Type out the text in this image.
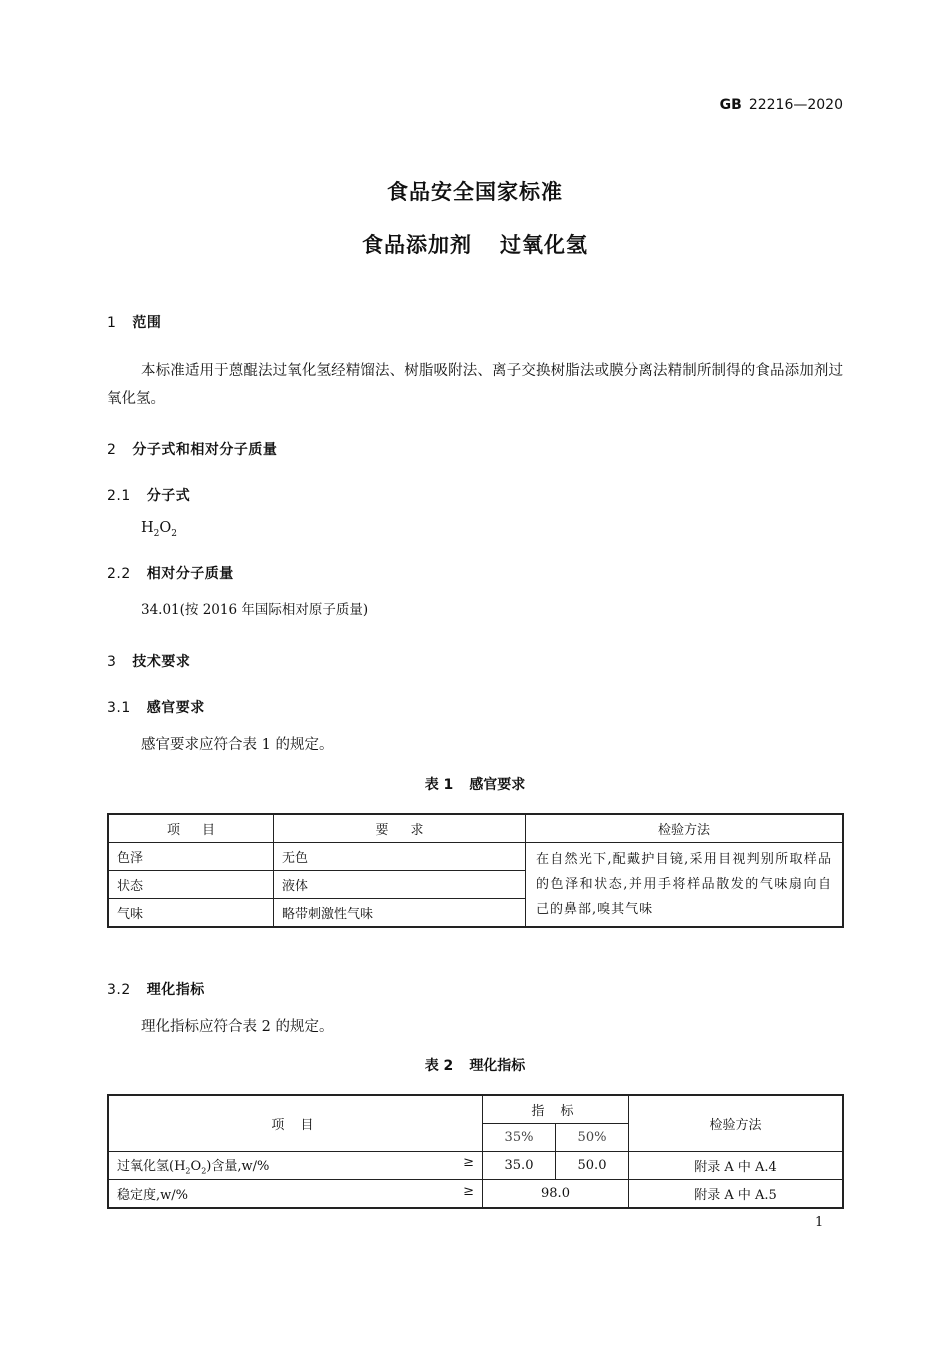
GB 22216—2020
食品安全国家标准
食品添加剂 过氧化氢
1 范围
本标准适用于蒽醌法过氧化氢经精馏法、树脂吸附法、离子交换树脂法或膜分离法精制所制得的食品添加剂过氧化氢。
2 分子式和相对分子质量
2.1 分子式
$H_2O_2$
2.2 相对分子质量
34.01(按 2016 年国际相对原子质量)
3 技术要求
3.1 感官要求
感官要求应符合表 1 的规定。
表 1 感官要求
项目	要求	检验方法
色泽	无色	在自然光下,配戴护目镜,采用目视判别所取样品的色泽和状态,并用手将样品散发的气味扇向自己的鼻部,嗅其气味
状态	液体	
气味	略带刺激性气味	
3.2 理化指标
理化指标应符合表 2 的规定。
表 2 理化指标
项 目	指 标		检验方法
	35%	50%	
过氧化氢$(H_2O_2)$含量,w/% ≥	35.0	50.0	附录 A 中 A.4
稳定度,w/% ≥	98.0		附录 A 中 A.5
1
